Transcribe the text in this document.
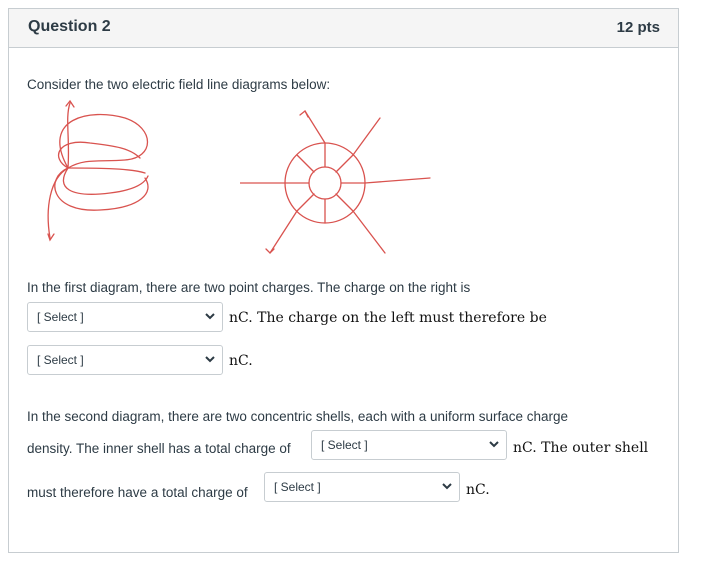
Question 2	12 pts
Consider the two electric field line diagrams below:
In the first diagram, there are two point charges. The charge on the right is
[ Select ]	nC. The charge on the left must therefore be
[ Select ]	nC.
In the second diagram, there are two concentric shells, each with a uniform surface charge
density. The inner shell has a total charge of	[ Select ]	nC. The outer shell
must therefore have a total charge of [ Select ]	nC.
